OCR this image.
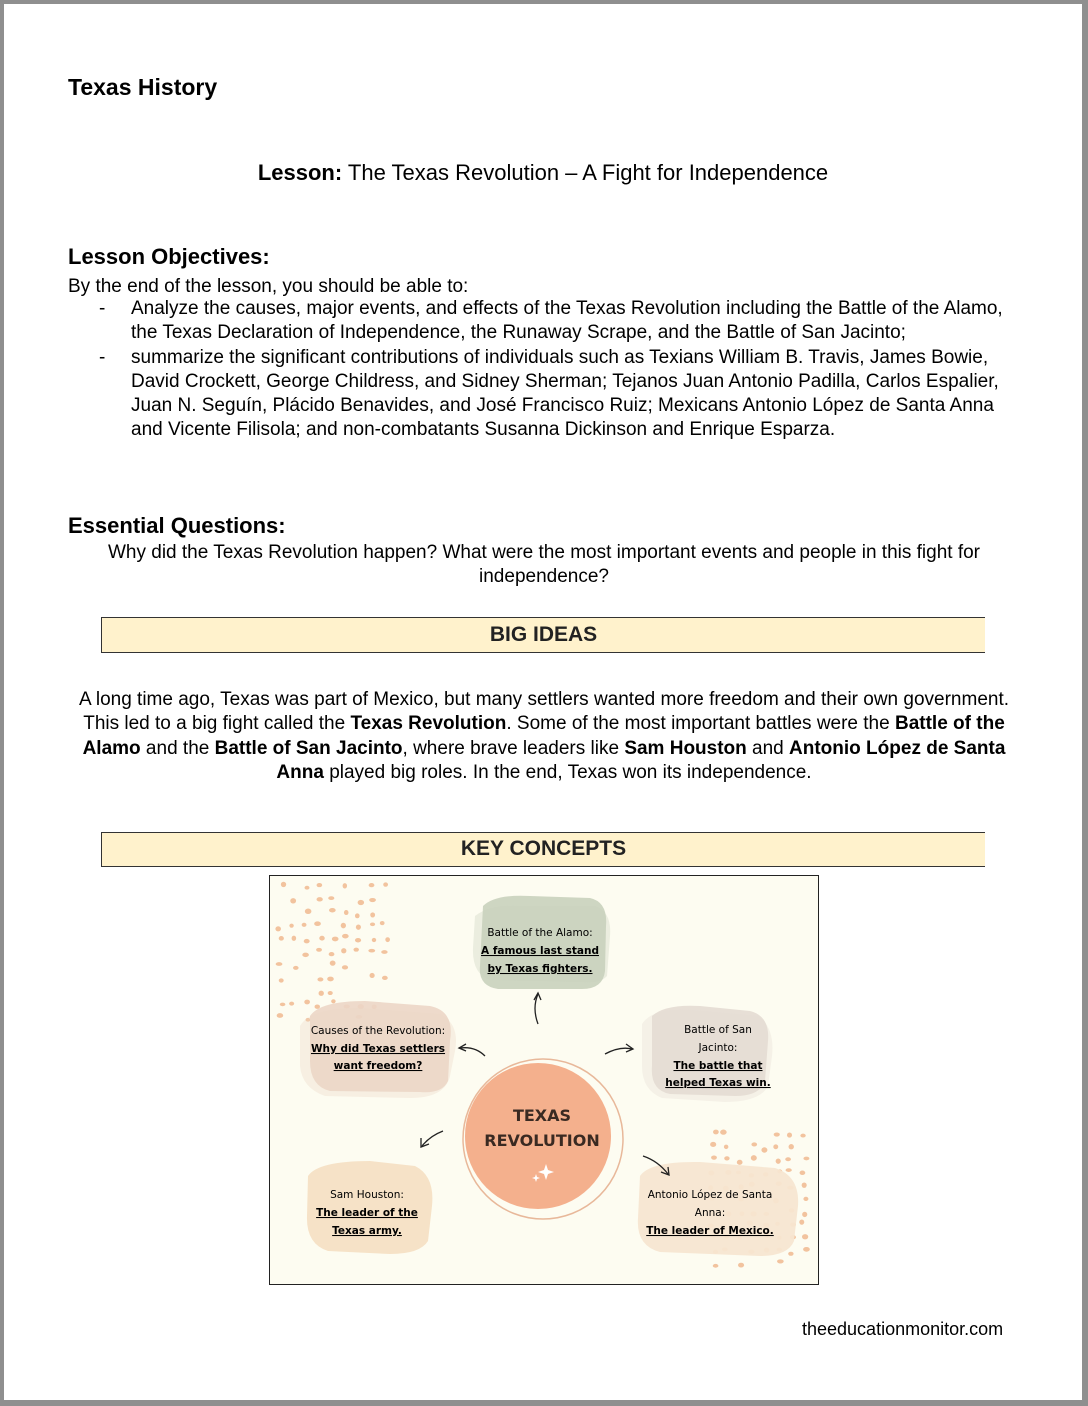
Texas History
Lesson: The Texas Revolution – A Fight for Independence
Lesson Objectives:
By the end of the lesson, you should be able to:
- Analyze the causes, major events, and effects of the Texas Revolution including the Battle of the Alamo, the Texas Declaration of Independence, the Runaway Scrape, and the Battle of San Jacinto;
- summarize the significant contributions of individuals such as Texians William B. Travis, James Bowie, David Crockett, George Childress, and Sidney Sherman; Tejanos Juan Antonio Padilla, Carlos Espalier, Juan N. Seguín, Plácido Benavides, and José Francisco Ruiz; Mexicans Antonio López de Santa Anna and Vicente Filisola; and non-combatants Susanna Dickinson and Enrique Esparza.
Essential Questions:
Why did the Texas Revolution happen? What were the most important events and people in this fight for independence?
BIG IDEAS
A long time ago, Texas was part of Mexico, but many settlers wanted more freedom and their own government. This led to a big fight called the Texas Revolution. Some of the most important battles were the Battle of the Alamo and the Battle of San Jacinto, where brave leaders like Sam Houston and Antonio López de Santa Anna played big roles. In the end, Texas won its independence.
KEY CONCEPTS
Battle of the Alamo:
A famous last stand
by Texas fighters.
Causes of the Revolution:
Why did Texas settlers
want freedom?
Battle of San
Jacinto:
The battle that
helped Texas win.
TEXAS
REVOLUTION
Sam Houston:
The leader of the
Texas army.
Antonio López de Santa
Anna:
The leader of Mexico.
theeducationmonitor.com
